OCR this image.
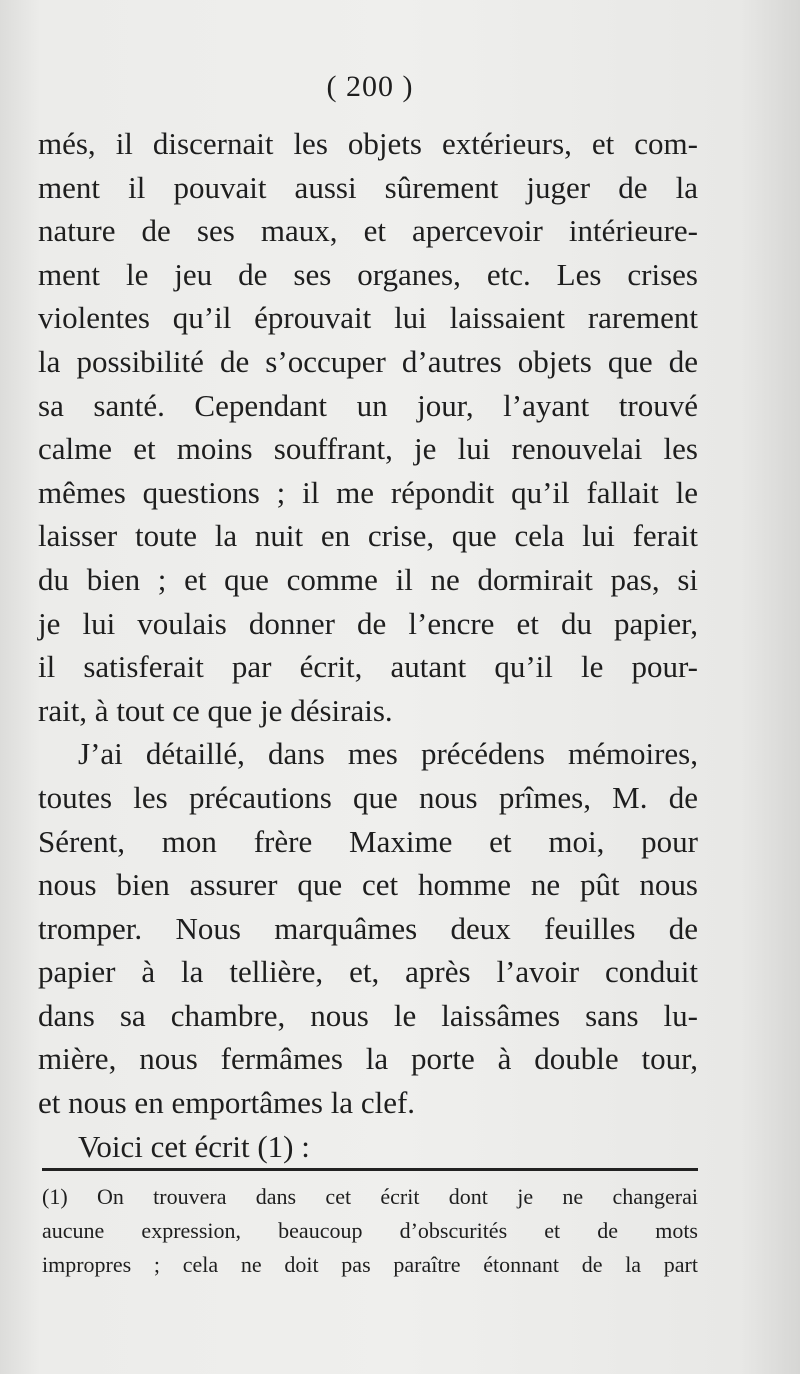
( 200 )
més, il discernait les objets extérieurs, et com-
ment il pouvait aussi sûrement juger de la
nature de ses maux, et apercevoir intérieure-
ment le jeu de ses organes, etc. Les crises
violentes qu’il éprouvait lui laissaient rarement
la possibilité de s’occuper d’autres objets que de
sa santé. Cependant un jour, l’ayant trouvé
calme et moins souffrant, je lui renouvelai les
mêmes questions ; il me répondit qu’il fallait le
laisser toute la nuit en crise, que cela lui ferait
du bien ; et que comme il ne dormirait pas, si
je lui voulais donner de l’encre et du papier,
il satisferait par écrit, autant qu’il le pour-
rait, à tout ce que je désirais.
J’ai détaillé, dans mes précédens mémoires,
toutes les précautions que nous prîmes, M. de
Sérent, mon frère Maxime et moi, pour
nous bien assurer que cet homme ne pût nous
tromper. Nous marquâmes deux feuilles de
papier à la tellière, et, après l’avoir conduit
dans sa chambre, nous le laissâmes sans lu-
mière, nous fermâmes la porte à double tour,
et nous en emportâmes la clef.
Voici cet écrit (1) :
(1) On trouvera dans cet écrit dont je ne changerai
aucune expression, beaucoup d’obscurités et de mots
impropres ; cela ne doit pas paraître étonnant de la part
